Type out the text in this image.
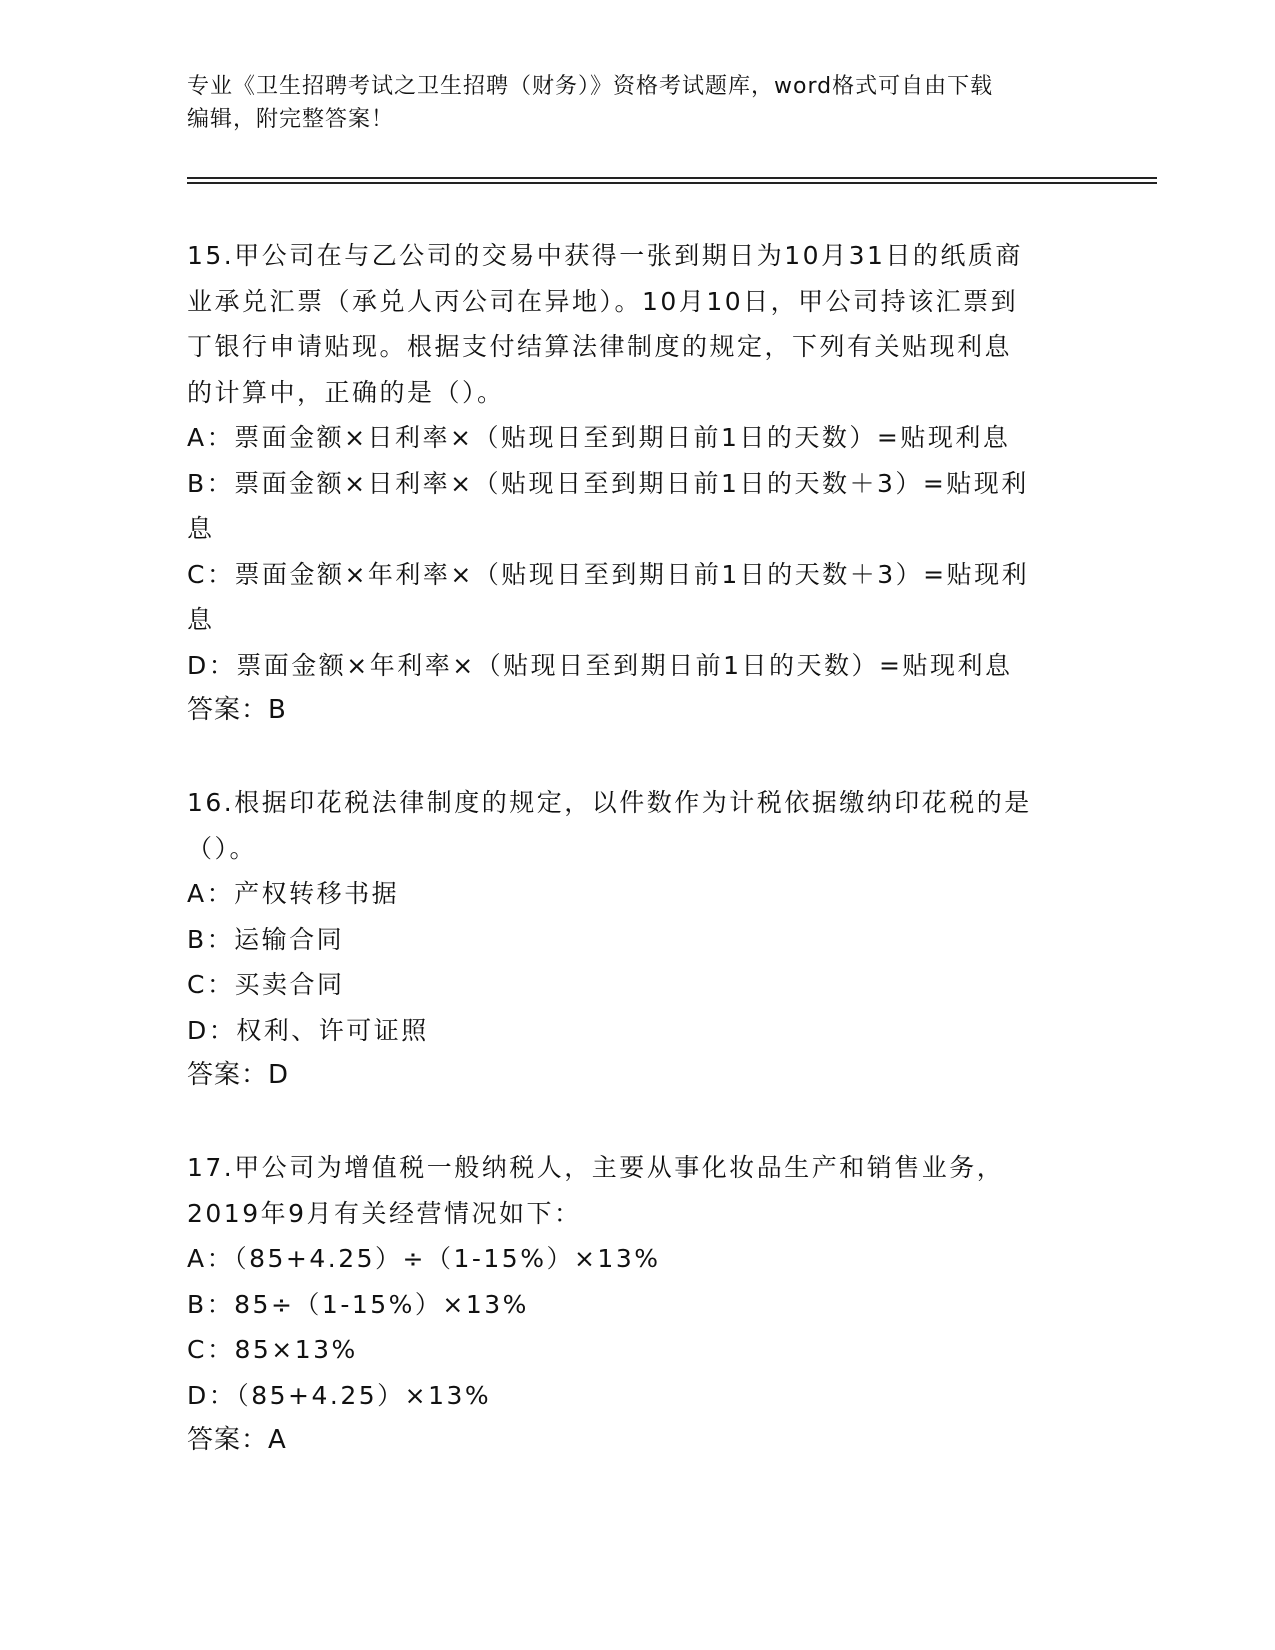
专业《卫生招聘考试之卫生招聘（财务）》资格考试题库，word格式可自由下载
编辑，附完整答案！
15.甲公司在与乙公司的交易中获得一张到期日为10月31日的纸质商
业承兑汇票（承兑人丙公司在异地）。10月10日，甲公司持该汇票到
丁银行申请贴现。根据支付结算法律制度的规定，下列有关贴现利息
的计算中，正确的是（）。
A：票面金额×日利率×（贴现日至到期日前1日的天数）=贴现利息
B：票面金额×日利率×（贴现日至到期日前1日的天数＋3）=贴现利
息
C：票面金额×年利率×（贴现日至到期日前1日的天数＋3）=贴现利
息
D：票面金额×年利率×（贴现日至到期日前1日的天数）=贴现利息
答案：B
16.根据印花税法律制度的规定，以件数作为计税依据缴纳印花税的是
（）。
A：产权转移书据
B：运输合同
C：买卖合同
D：权利、许可证照
答案：D
17.甲公司为增值税一般纳税人，主要从事化妆品生产和销售业务，
2019年9月有关经营情况如下：
A：（85+4.25）÷（1-15%）×13%
B：85÷（1-15%）×13%
C：85×13%
D：（85+4.25）×13%
答案：A
